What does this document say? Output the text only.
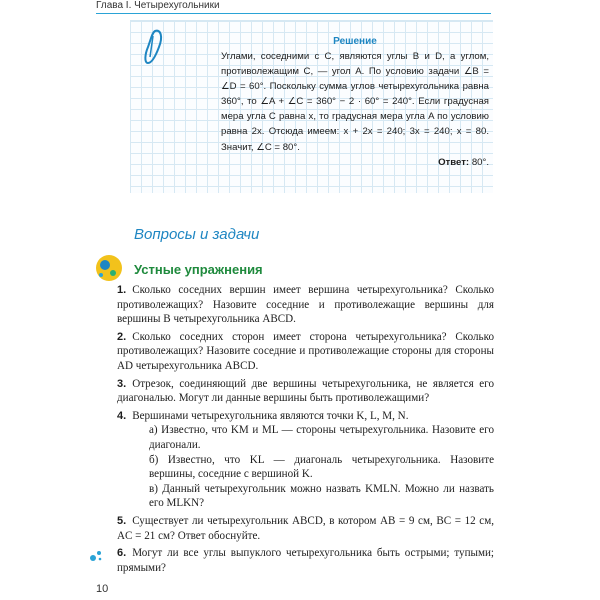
Глава I. Четырехугольники
Решение

Углами, соседними с C, являются углы B и D, а углом, противолежащим C, — угол A. По условию задачи ∠B = ∠D = 60°. Поскольку сумма углов четырехугольника равна 360°, то ∠A + ∠C = 360° − 2 · 60° = 240°. Если градусная мера угла C равна x, то градусная мера угла A по условию равна 2x. Отсюда имеем: x + 2x = 240; 3x = 240; x = 80. Значит, ∠C = 80°.

Ответ: 80°.

Вопросы и задачи
Устные упражнения
1. Сколько соседних вершин имеет вершина четырехугольника? Сколько противолежащих? Назовите соседние и противолежащие вершины для вершины B четырехугольника ABCD.
2. Сколько соседних сторон имеет сторона четырехугольника? Сколько противолежащих? Назовите соседние и противолежащие стороны для стороны AD четырехугольника ABCD.
3. Отрезок, соединяющий две вершины четырехугольника, не является его диагональю. Могут ли данные вершины быть противолежащими?
4. Вершинами четырехугольника являются точки K, L, M, N.
а) Известно, что KM и ML — стороны четырехугольника. Назовите его диагонали.
б) Известно, что KL — диагональ четырехугольника. Назовите вершины, соседние с вершиной K.
в) Данный четырехугольник можно назвать KMLN. Можно ли назвать его MLKN?
5. Существует ли четырехугольник ABCD, в котором AB = 9 см, BC = 12 см, AC = 21 см? Ответ обоснуйте.
6. Могут ли все углы выпуклого четырехугольника быть острыми; тупыми; прямыми?
10
